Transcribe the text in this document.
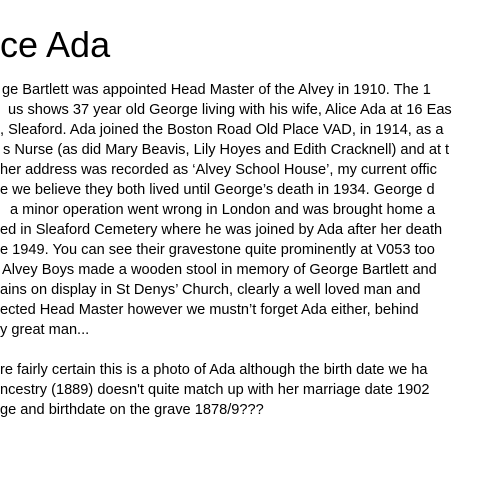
ce Ada

ge Bartlett was appointed Head Master of the Alvey in 1910. The 1
us shows 37 year old George living with his wife, Alice Ada at 16 Eas
, Sleaford. Ada joined the Boston Road Old Place VAD, in 1914, as a
s Nurse (as did Mary Beavis, Lily Hoyes and Edith Cracknell) and at t
her address was recorded as ‘Alvey School House’, my current offic
e we believe they both lived until George’s death in 1934. George d
a minor operation went wrong in London and was brought home a
ed in Sleaford Cemetery where he was joined by Ada after her death
e 1949. You can see their gravestone quite prominently at V053 too
Alvey Boys made a wooden stool in memory of George Bartlett and
ains on display in St Denys’ Church, clearly a well loved man and
ected Head Master however we mustn’t forget Ada either, behind
y great man...

re fairly certain this is a photo of Ada although the birth date we ha
ncestry (1889) doesn't quite match up with her marriage date 1902
ge and birthdate on the grave 1878/9???
